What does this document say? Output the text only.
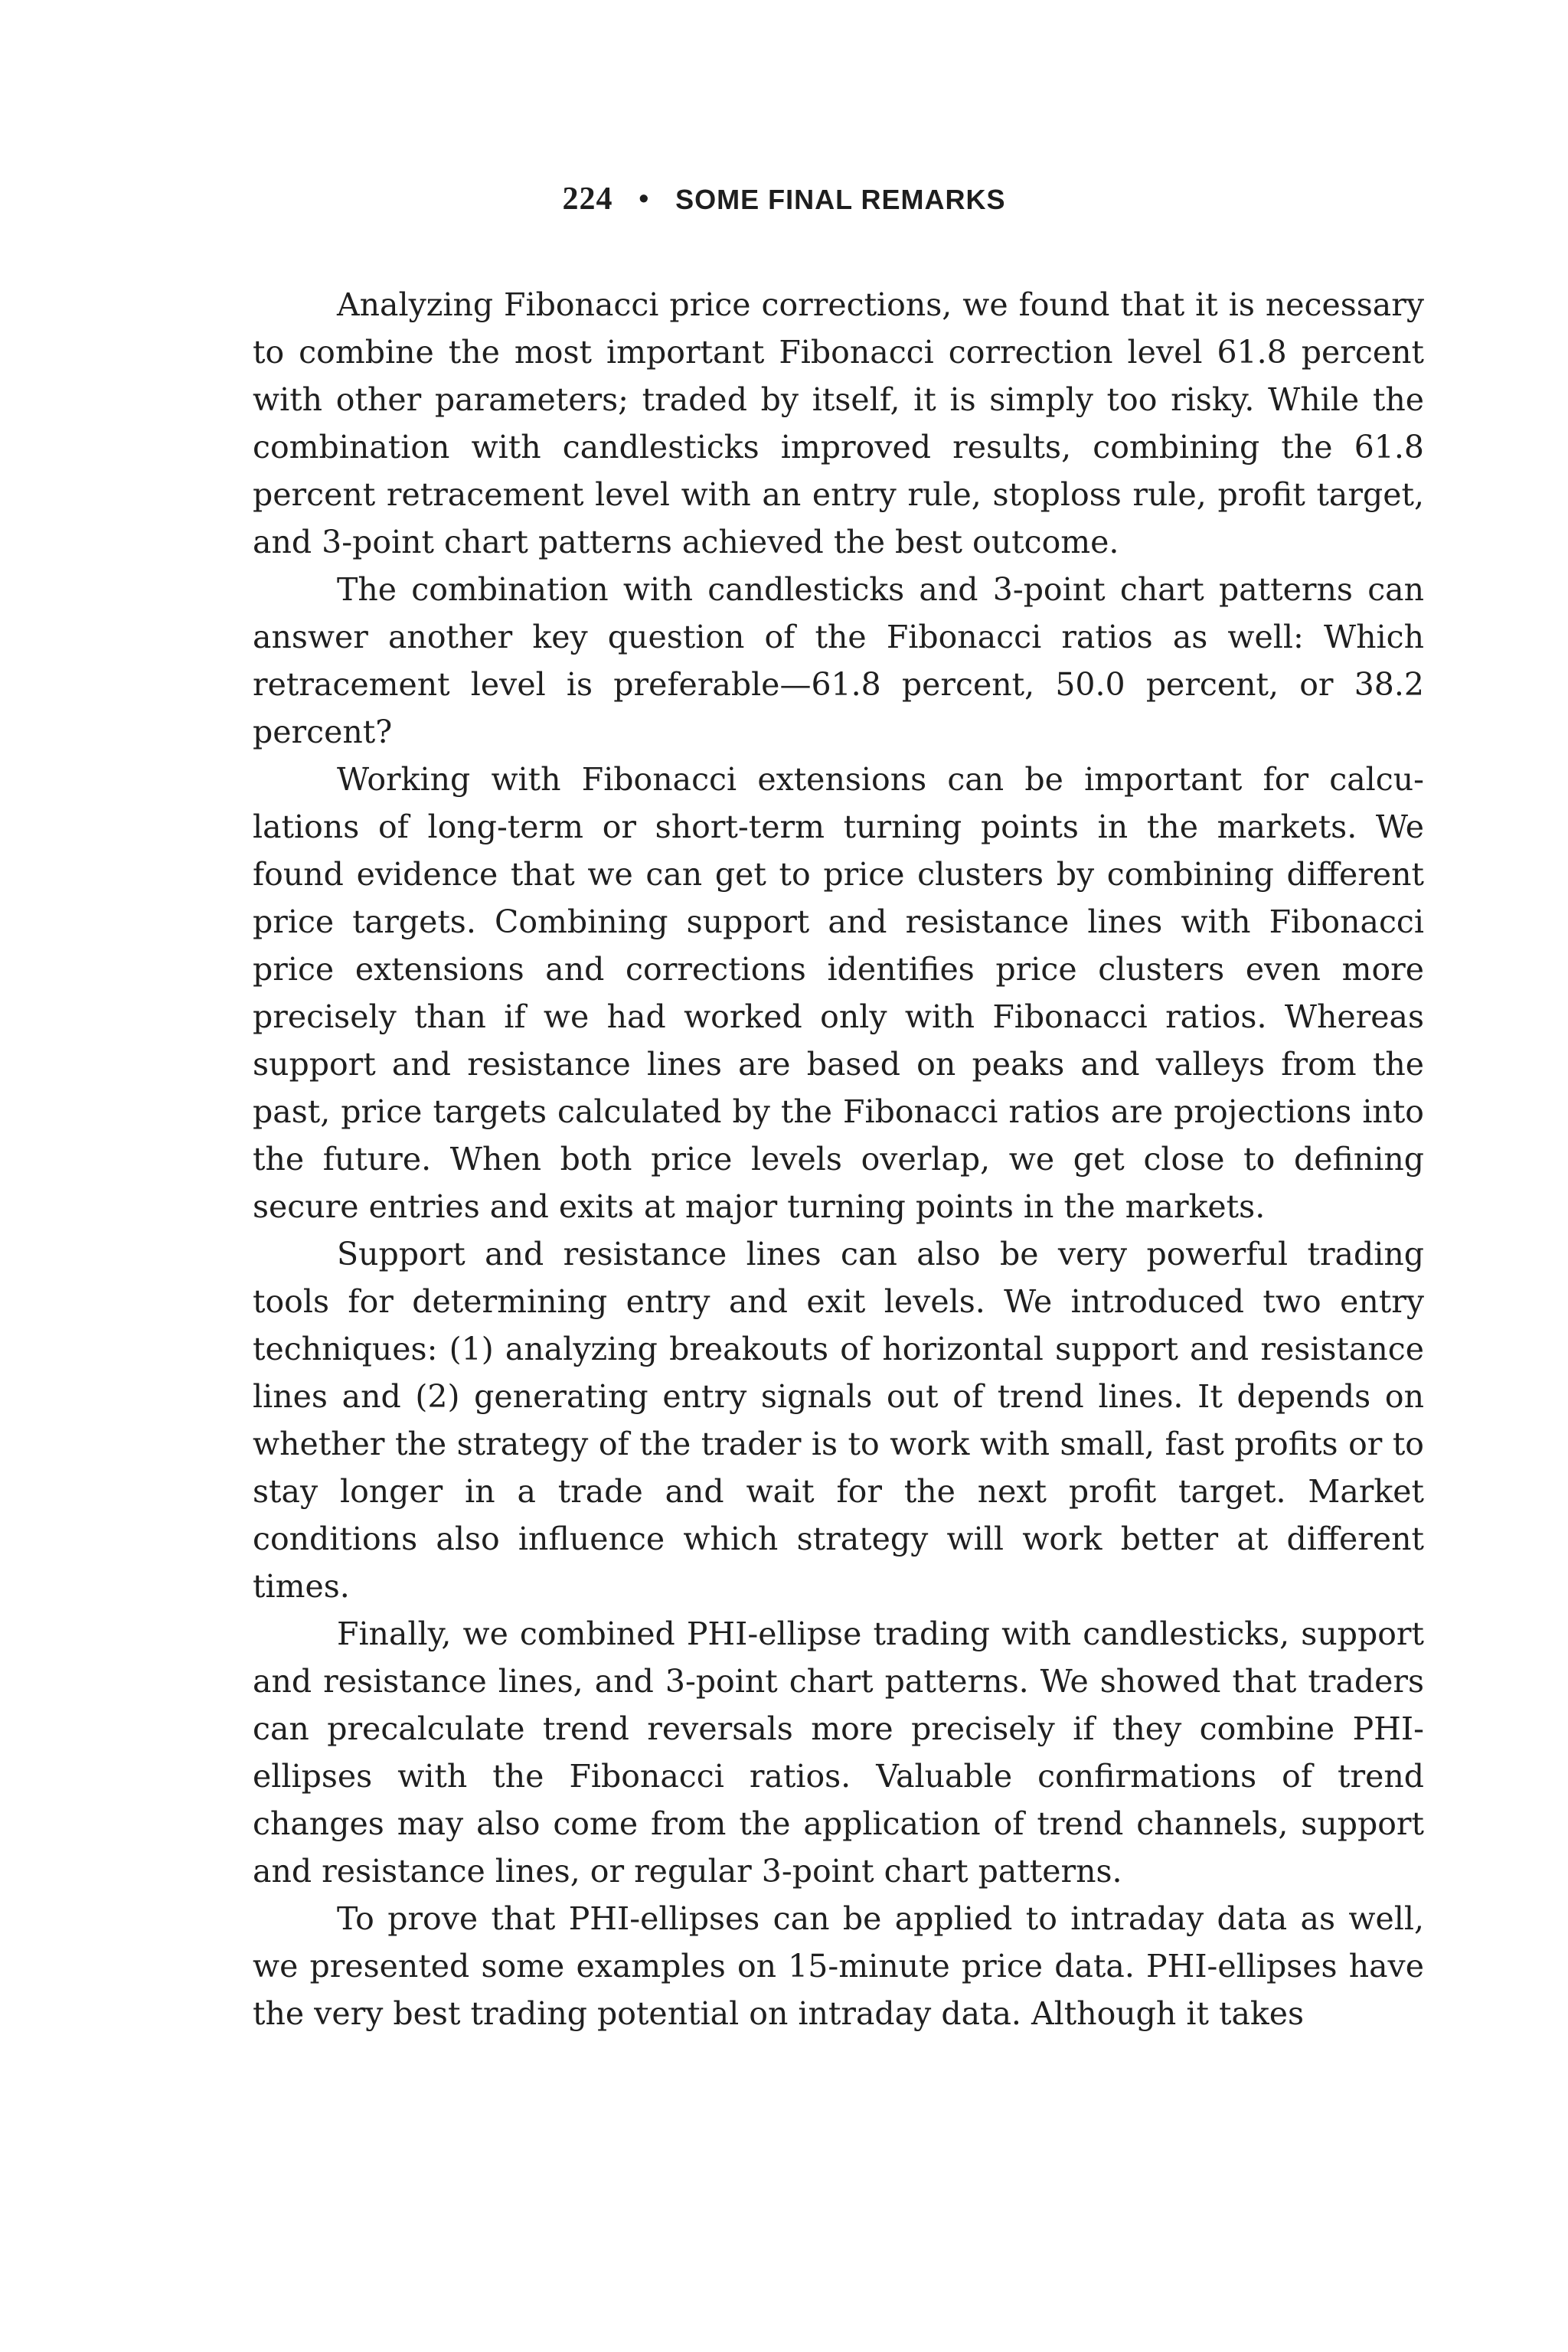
224 • SOME FINAL REMARKS

Analyzing Fibonacci price corrections, we found that it is necessary to combine the most important Fibonacci correction level 61.8 percent with other parameters; traded by itself, it is simply too risky. While the combination with candlesticks improved results, combining the 61.8 percent retracement level with an entry rule, stoploss rule, profit target, and 3-point chart patterns achieved the best outcome.

The combination with candlesticks and 3-point chart patterns can answer another key question of the Fibonacci ratios as well: Which retracement level is preferable—61.8 percent, 50.0 percent, or 38.2 percent?

Working with Fibonacci extensions can be important for calculations of long-term or short-term turning points in the markets. We found evidence that we can get to price clusters by combining different price targets. Combining support and resistance lines with Fibonacci price extensions and corrections identifies price clusters even more precisely than if we had worked only with Fibonacci ratios. Whereas support and resistance lines are based on peaks and valleys from the past, price targets calculated by the Fibonacci ratios are projections into the future. When both price levels overlap, we get close to defining secure entries and exits at major turning points in the markets.

Support and resistance lines can also be very powerful trading tools for determining entry and exit levels. We introduced two entry techniques: (1) analyzing breakouts of horizontal support and resistance lines and (2) generating entry signals out of trend lines. It depends on whether the strategy of the trader is to work with small, fast profits or to stay longer in a trade and wait for the next profit target. Market conditions also influence which strategy will work better at different times.

Finally, we combined PHI-ellipse trading with candlesticks, support and resistance lines, and 3-point chart patterns. We showed that traders can precalculate trend reversals more precisely if they combine PHI-ellipses with the Fibonacci ratios. Valuable confirmations of trend changes may also come from the application of trend channels, support and resistance lines, or regular 3-point chart patterns.

To prove that PHI-ellipses can be applied to intraday data as well, we presented some examples on 15-minute price data. PHI-ellipses have the very best trading potential on intraday data. Although it takes
